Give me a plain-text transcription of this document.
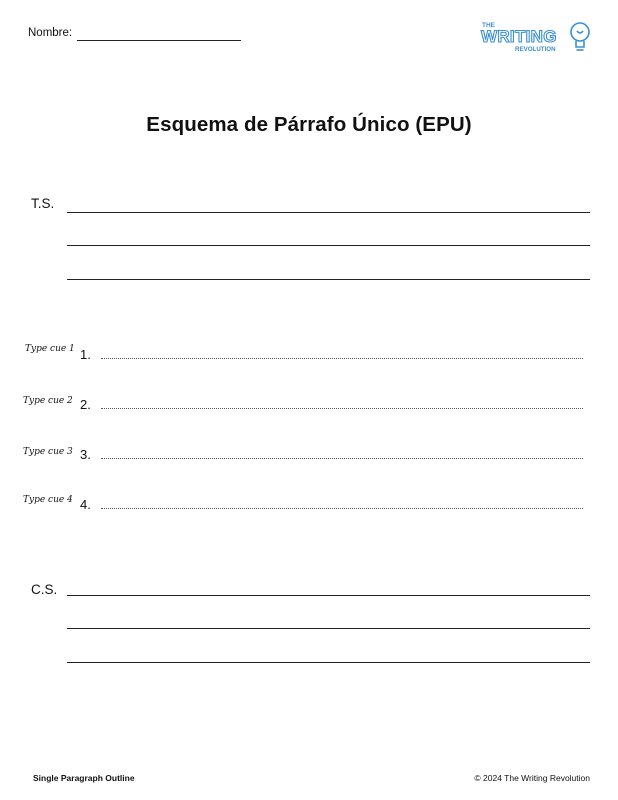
Nombre:
THE
WRITING
REVOLUTION
Esquema de Párrafo Único (EPU)
T.S.
Type cue 1 1.
Type cue 2 2.
Type cue 3 3.
Type cue 4 4.
C.S.
Single Paragraph Outline	© 2024 The Writing Revolution
